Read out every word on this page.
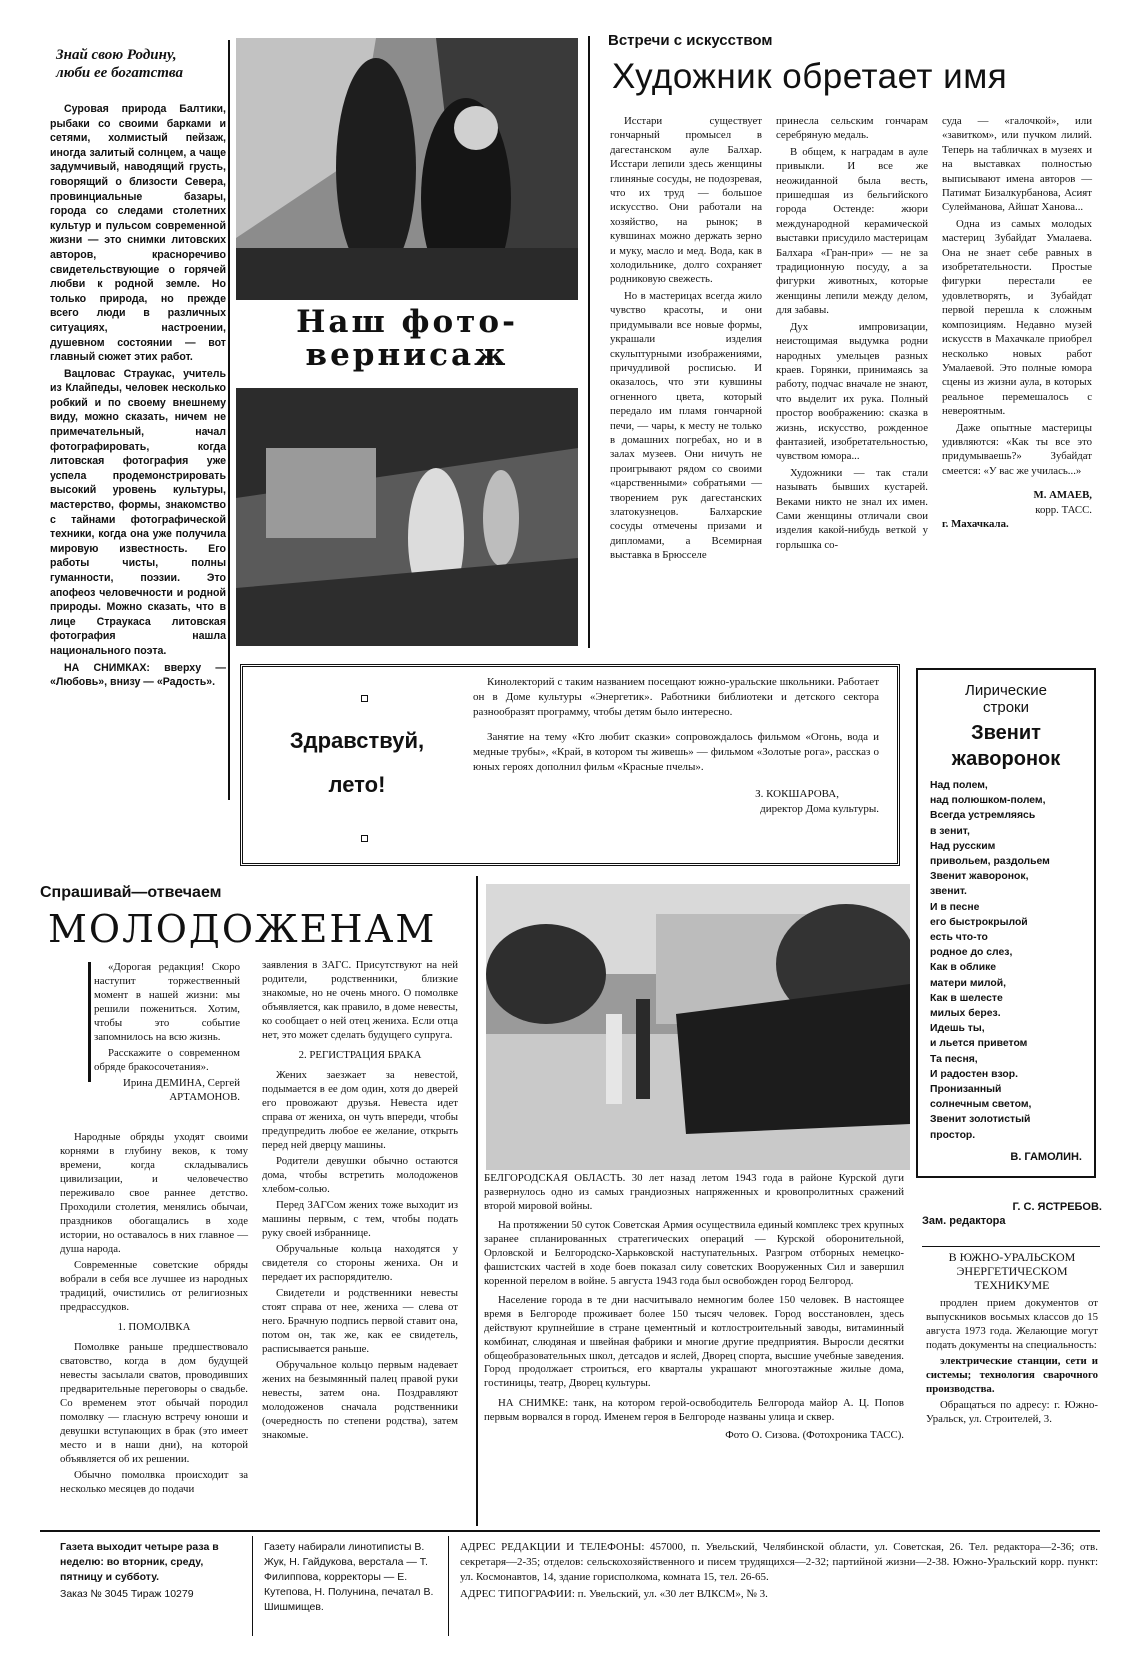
Знай свою Родину, люби ее богатства

Суровая природа Балтики, рыбаки со своими барками и сетями, холмистый пейзаж, иногда залитый солнцем, а чаще задумчивый, наводящий грусть, говорящий о близости Севера, провинциальные базары, города со следами столетних культур и пульсом современной жизни — это снимки литовских авторов, красноречиво свидетельствующие о горячей любви к родной земле. Но только природа, но прежде всего люди в различных ситуациях, настроении, душевном состоянии — вот главный сюжет этих работ.

Вацловас Страукас, учитель из Клайпеды, человек несколько робкий и по своему внешнему виду, можно сказать, ничем не примечательный, начал фотографировать, когда литовская фотография уже успела продемонстрировать высокий уровень культуры, мастерство, формы, знакомство с тайнами фотографической техники, когда она уже получила мировую известность. Его работы чисты, полны гуманности, поэзии. Это апофеоз человечности и родной природы. Можно сказать, что в лице Страукаса литовская фотография нашла национального поэта.

НА СНИМКАХ: вверху — «Любовь», внизу — «Радость».

Наш фото-
вернисаж
Встречи с искусством
Художник обретает имя

Исстари существует гончарный промысел в дагестанском ауле Балхар. Исстари лепили здесь женщины глиняные сосуды, не подозревая, что их труд — большое искусство. Они работали на хозяйство, на рынок; в кувшинах можно держать зерно и муку, масло и мед. Вода, как в холодильнике, долго сохраняет родниковую свежесть.

Но в мастерицах всегда жило чувство красоты, и они придумывали все новые формы, украшали изделия скульптурными изображениями, причудливой росписью. И оказалось, что эти кувшины огненного цвета, который передало им пламя гончарной печи, — чары, к месту не только в домашних погребах, но и в залах музеев. Они ничуть не проигрывают рядом со своими «царственными» собратьями — творением рук дагестанских златокузнецов. Балхарские сосуды отмечены призами и дипломами, а Всемирная выставка в Брюсселе

принесла сельским гончарам серебряную медаль.

В общем, к наградам в ауле привыкли. И все же неожиданной была весть, пришедшая из бельгийского города Остенде: жюри международной керамической выставки присудило мастерицам Балхара «Гран-при» — не за традиционную посуду, а за фигурки животных, которые женщины лепили между делом, для забавы.

Дух импровизации, неистощимая выдумка родни народных умельцев разных краев. Горянки, принимаясь за работу, подчас вначале не знают, что выделит их рука. Полный простор воображению: сказка в жизнь, искусство, рожденное фантазией, изобретательностью, чувством юмора...

Художники — так стали называть бывших кустарей. Веками никто не знал их имен. Сами женщины отличали свои изделия какой-нибудь веткой у горлышка со-

суда — «галочкой», или «завитком», или пучком лилий. Теперь на табличках в музеях и на выставках полностью выписывают имена авторов — Патимат Бизалкурбанова, Асият Сулейманова, Айшат Ханова...

Одна из самых молодых мастериц Зубайдат Умалаева. Она не знает себе равных в изобретательности. Простые фигурки перестали ее удовлетворять, и Зубайдат первой перешла к сложным композициям. Недавно музей искусств в Махачкале приобрел несколько новых работ Умалаевой. Это полные юмора сцены из жизни аула, в которых реальное перемешалось с невероятным.

Даже опытные мастерицы удивляются: «Как ты все это придумываешь?» Зубайдат смеется: «У вас же училась...»

М. АМАЕВ,
корр. ТАСС.
г. Махачкала.
Здравствуй,
лето!

Кинолекторий с таким названием посещают южно-уральские школьники. Работает он в Доме культуры «Энергетик». Работники библиотеки и детского сектора разнообразят программу, чтобы детям было интересно.

Занятие на тему «Кто любит сказки» сопровождалось фильмом «Огонь, вода и медные трубы», «Край, в котором ты живешь» — фильмом «Золотые рога», рассказ о юных героях дополнил фильм «Красные пчелы».

З. КОКШАРОВА,
директор Дома культуры.
Лирические
строки
Звенит
жаворонок
Над полем,
над полюшком-полем,
Всегда устремляясь
в зенит,
Над русским
привольем, раздольем
Звенит жаворонок,
звенит.
И в песне
его быстрокрылой
есть что-то
родное до слез,
Как в облике
матери милой,
Как в шелесте
милых берез.
Идешь ты,
и льется приветом
Та песня,
И радостен взор.
Пронизанный
солнечным светом,
Звенит золотистый
простор.
В. ГАМОЛИН.
Спрашивай—отвечаем
МОЛОДОЖЕНАМ

«Дорогая редакция! Скоро наступит торжественный момент в нашей жизни: мы решили пожениться. Хотим, чтобы это событие запомнилось на всю жизнь.

Расскажите о современном обряде бракосочетания».

Ирина ДЕМИНА, Сергей АРТАМОНОВ.

Народные обряды уходят своими корнями в глубину веков, к тому времени, когда складывались цивилизации, и человечество переживало свое раннее детство. Проходили столетия, менялись обычаи, праздников обогащались в ходе истории, но оставалось в них главное — душа народа.

Современные советские обряды вобрали в себя все лучшее из народных традиций, очистились от религиозных предрассудков.

1. ПОМОЛВКА

Помолвке раньше предшествовало сватовство, когда в дом будущей невесты засылали сватов, проводивших предварительные переговоры о свадьбе. Со временем этот обычай породил помолвку — гласную встречу юноши и девушки вступающих в брак (это имеет место и в наши дни), на которой объявляется об их решении.

Обычно помолвка происходит за несколько месяцев до подачи

заявления в ЗАГС. Присутствуют на ней родители, родственники, близкие знакомые, но не очень много. О помолвке объявляется, как правило, в доме невесты, ко сообщает о ней отец жениха. Если отца нет, это может сделать будущего супруга.

2. РЕГИСТРАЦИЯ БРАКА

Жених заезжает за невестой, подымается в ее дом один, хотя до дверей его провожают друзья. Невеста идет справа от жениха, он чуть впереди, чтобы предупредить любое ее желание, открыть перед ней дверцу машины.

Родители девушки обычно остаются дома, чтобы встретить молодоженов хлебом-солью.

Перед ЗАГСом жених тоже выходит из машины первым, с тем, чтобы подать руку своей избраннице.

Обручальные кольца находятся у свидетеля со стороны жениха. Он и передает их распорядителю.

Свидетели и родственники невесты стоят справа от нее, жениха — слева от него. Брачную подпись первой ставит она, потом он, так же, как ее свидетель, расписывается раньше.

Обручальное кольцо первым надевает жених на безымянный палец правой руки невесты, затем она. Поздравляют молодоженов сначала родственники (очередность по степени родства), затем знакомые.

БЕЛГОРОДСКАЯ ОБЛАСТЬ. 30 лет назад летом 1943 года в районе Курской дуги развернулось одно из самых грандиозных напряженных и кровопролитных сражений второй мировой войны.

На протяжении 50 суток Советская Армия осуществила единый комплекс трех крупных заранее спланированных стратегических операций — Курской оборонительной, Орловской и Белгородско-Харьковской наступательных. Разгром отборных немецко-фашистских частей в ходе боев показал силу советских Вооруженных Сил и завершил коренной перелом в войне. 5 августа 1943 года был освобожден город Белгород.

Население города в те дни насчитывало немногим более 150 человек. В настоящее время в Белгороде проживает более 150 тысяч человек. Город восстановлен, здесь действуют крупнейшие в стране цементный и котлостроительный заводы, витаминный комбинат, слюдяная и швейная фабрики и многие другие предприятия. Выросли десятки общеобразовательных школ, детсадов и яслей, Дворец спорта, высшие учебные заведения. Город продолжает строиться, его кварталы украшают многоэтажные жилые дома, гостиницы, театр, Дворец культуры.

НА СНИМКЕ: танк, на котором герой-освободитель Белгорода майор А. Ц. Попов первым ворвался в город. Именем героя в Белгороде названы улица и сквер.

Фото О. Сизова. (Фотохроника ТАСС).
Г. С. ЯСТРЕБОВ.
Зам. редактора
В ЮЖНО-УРАЛЬСКОМ ЭНЕРГЕТИЧЕСКОМ ТЕХНИКУМЕ

продлен прием документов от выпускников восьмых классов до 15 августа 1973 года. Желающие могут подать документы на специальность:

электрические станции, сети и системы; технология сварочного производства.

Обращаться по адресу: г. Южно-Уральск, ул. Строителей, 3.

Газета выходит четыре раза в неделю: во вторник, среду, пятницу и субботу.
Заказ № 3045 Тираж 10279
Газету набирали линотиписты В. Жук, Н. Гайдукова, верстала — Т. Филиппова, корректоры — Е. Кутепова, Н. Полунина, печатал В. Шишмищев.
АДРЕС РЕДАКЦИИ И ТЕЛЕФОНЫ: 457000, п. Увельский, Челябинской области, ул. Советская, 26. Тел. редактора—2-36; отв. секретаря—2-35; отделов: сельскохозяйственного и писем трудящихся—2-32; партийной жизни—2-38. Южно-Уральский корр. пункт: ул. Космонавтов, 14, здание горисполкома, комната 15, тел. 26-65.
АДРЕС ТИПОГРАФИИ: п. Увельский, ул. «30 лет ВЛКСМ», № 3.
